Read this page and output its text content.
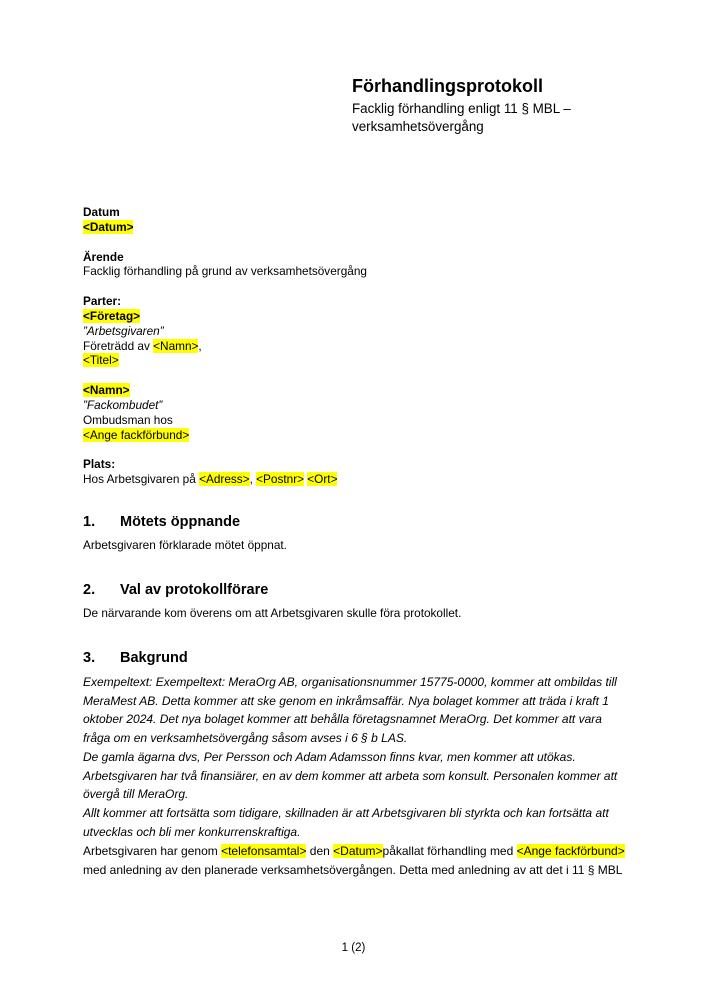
Förhandlingsprotokoll
Facklig förhandling enligt 11 § MBL –
verksamhetsövergång

Datum

<Datum>

Ärende

Facklig förhandling på grund av verksamhetsövergång

Parter:

<Företag>

”Arbetsgivaren”

Företrädd av <Namn>,

<Titel>

<Namn>

”Fackombudet”

Ombudsman hos

<Ange fackförbund>

Plats:

Hos Arbetsgivaren på <Adress>, <Postnr> <Ort>

1.	Mötets öppnande

Arbetsgivaren förklarade mötet öppnat.

2.	Val av protokollförare

De närvarande kom överens om att Arbetsgivaren skulle föra protokollet.

3.	Bakgrund

Exempeltext: Exempeltext: MeraOrg AB, organisationsnummer 15775-0000, kommer att ombildas till MeraMest AB. Detta kommer att ske genom en inkråmsaffär. Nya bolaget kommer att träda i kraft 1 oktober 2024. Det nya bolaget kommer att behålla företagsnamnet MeraOrg. Det kommer att vara fråga om en verksamhetsövergång såsom avses i 6 § b LAS.

De gamla ägarna dvs, Per Persson och Adam Adamsson finns kvar, men kommer att utökas. Arbetsgivaren har två finansiärer, en av dem kommer att arbeta som konsult. Personalen kommer att övergå till MeraOrg.

Allt kommer att fortsätta som tidigare, skillnaden är att Arbetsgivaren bli styrkta och kan fortsätta att utvecklas och bli mer konkurrenskraftiga.

Arbetsgivaren har genom <telefonsamtal> den <Datum>påkallat förhandling med <Ange fackförbund> med anledning av den planerade verksamhetsövergången. Detta med anledning av att det i 11 § MBL

1 (2)
